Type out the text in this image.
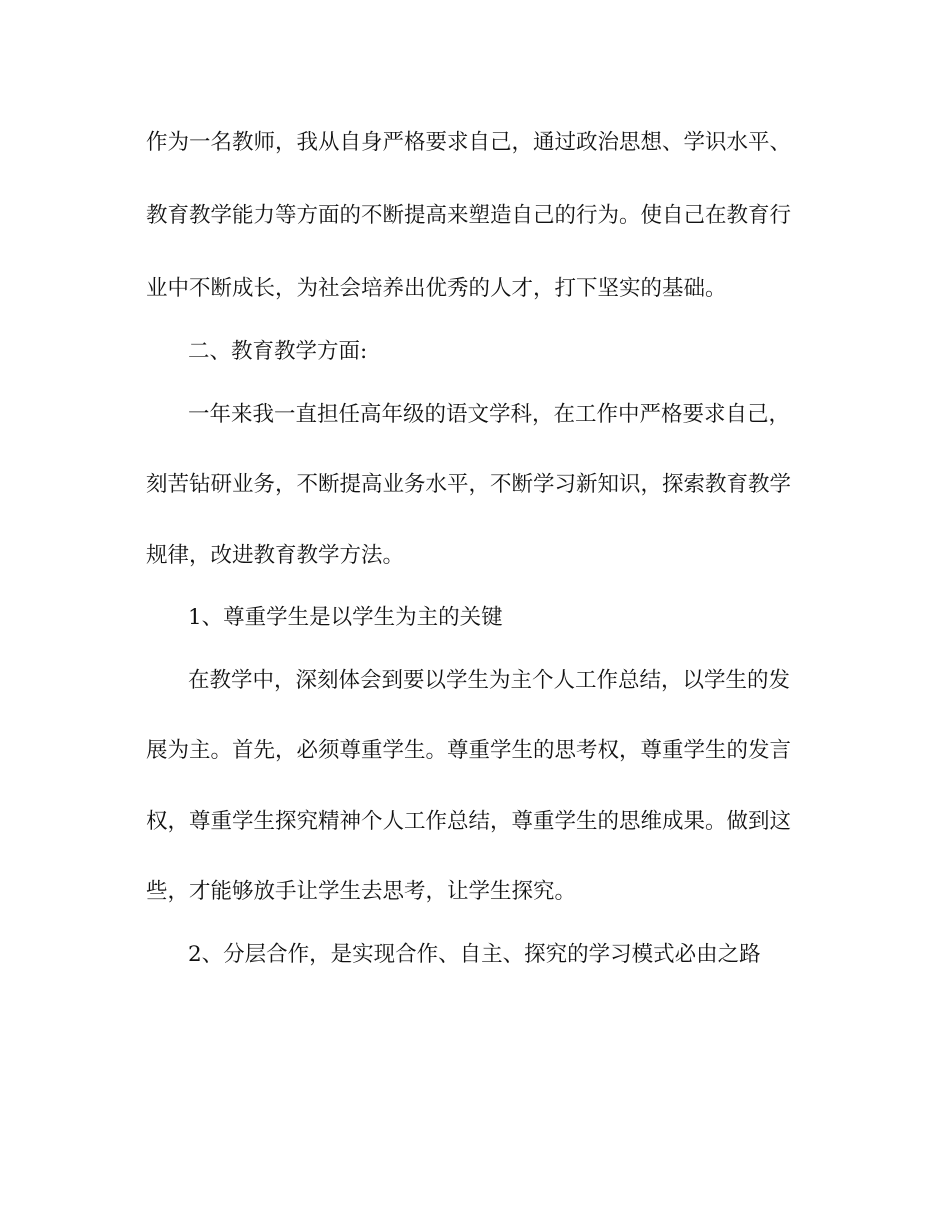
作为一名教师，我从自身严格要求自己，通过政治思想、学识水平、
教育教学能力等方面的不断提高来塑造自己的行为。使自己在教育行
业中不断成长，为社会培养出优秀的人才，打下坚实的基础。
二、教育教学方面:
一年来我一直担任高年级的语文学科，在工作中严格要求自己，
刻苦钻研业务，不断提高业务水平，不断学习新知识，探索教育教学
规律，改进教育教学方法。
1、尊重学生是以学生为主的关键
在教学中，深刻体会到要以学生为主个人工作总结，以学生的发
展为主。首先，必须尊重学生。尊重学生的思考权，尊重学生的发言
权，尊重学生探究精神个人工作总结，尊重学生的思维成果。做到这
些，才能够放手让学生去思考，让学生探究。
2、分层合作，是实现合作、自主、探究的学习模式必由之路
